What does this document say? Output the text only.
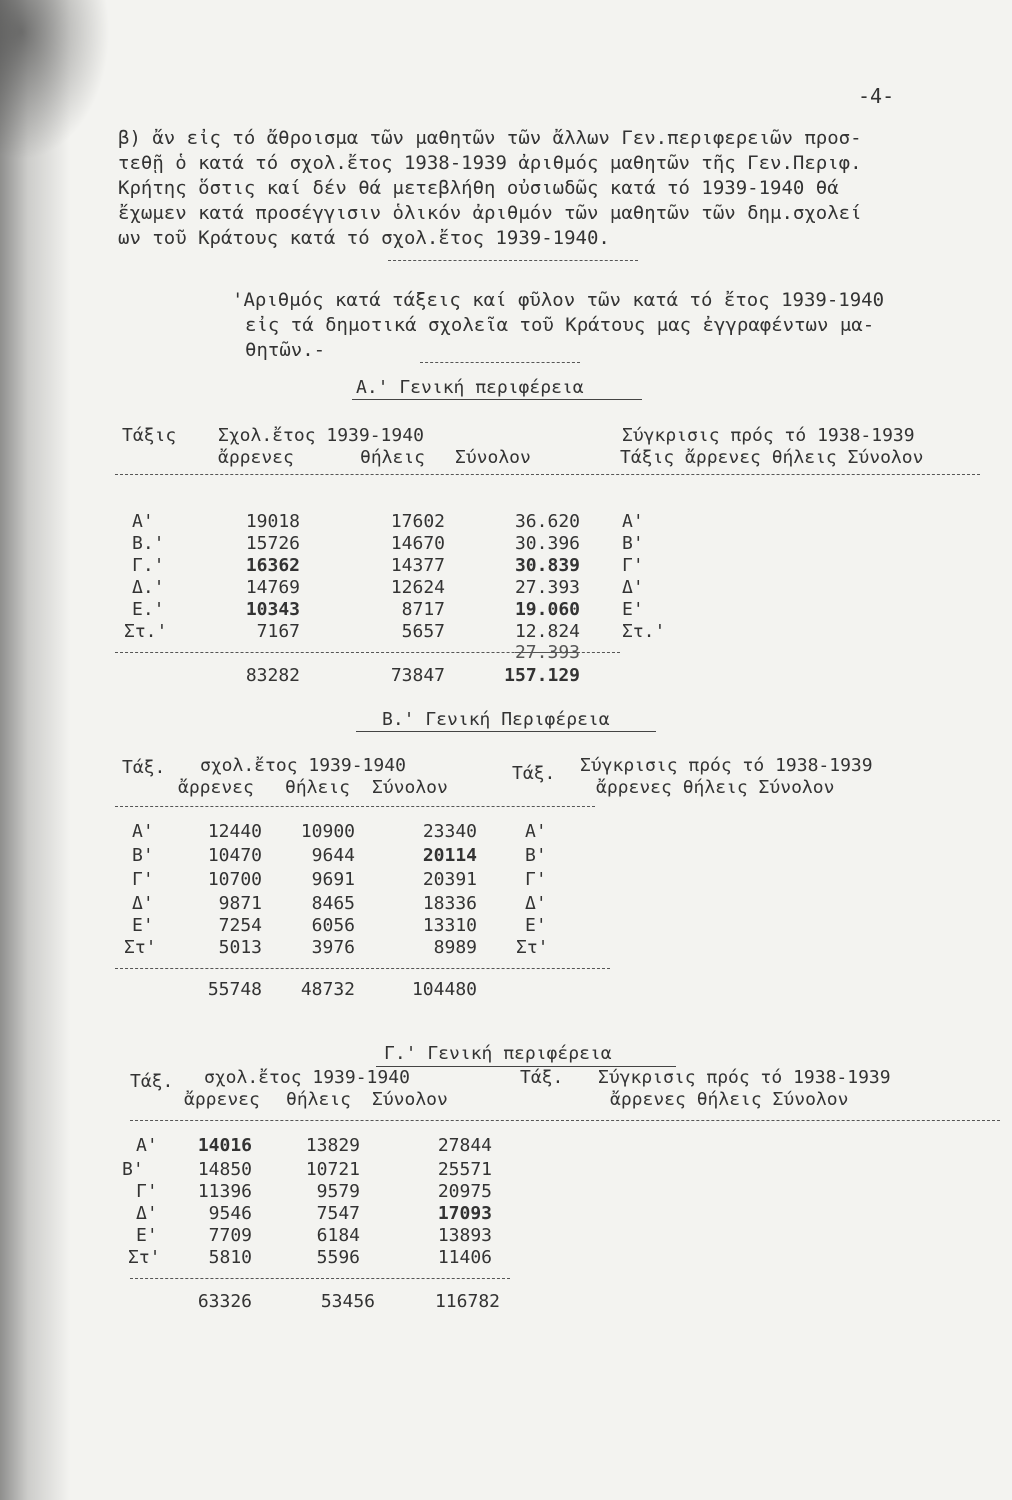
-4-
β) ἄν εἰς τό ἄθροισμα τῶν μαθητῶν τῶν ἄλλων Γεν.περιφερειῶν προσ-
τεθῇ ὁ κατά τό σχολ.ἔτος 1938-1939 ἀριθμός μαθητῶν τῆς Γεν.Περιφ.
Κρήτης ὅστις καί δέν θά μετεβλήθη οὐσιωδῶς κατά τό 1939-1940 θά
ἔχωμεν κατά προσέγγισιν ὁλικόν ἀριθμόν τῶν μαθητῶν τῶν δημ.σχολεί
ων τοῦ Κράτους κατά τό σχολ.ἔτος 1939-1940.
'Αριθμός κατά τάξεις καί φῦλον τῶν κατά τό ἔτος 1939-1940
εἰς τά δημοτικά σχολεῖα τοῦ Κράτους μας ἐγγραφέντων μα-
θητῶν.-
Α.' Γενική περιφέρεια
Τάξις Σχολ.ἔτος 1939-1940	Σύγκρισις πρός τό 1938-1939
ἄρρενες	θήλεις Σύνολον	Τάξις ἄρρενες θήλεις Σύνολον
Α'	19018	17602	36.620 Α'
Β.'	15726	14670	30.396 Β'
Γ.'	16362	14377	30.839 Γ'
Δ.'	14769	12624	27.393 Δ'
Ε.'	10343	8717	19.060 Ε'
Στ.'	7167	5657	12.824 Στ.'
27.393
83282	73847	157.129
Β.' Γενική Περιφέρεια
Τάξ. σχολ.ἔτος 1939-1940	Τάξ. Σύγκρισις πρός τό 1938-1939
ἄρρενες θήλεις Σύνολον	ἄρρενες θήλεις Σύνολον
Α'	12440	10900	23340	Α'
Β'	10470	9644	20114	Β'
Γ'	10700	9691	20391	Γ'
Δ'	9871	8465	18336	Δ'
Ε'	7254	6056	13310	Ε'
Στ'	5013	3976	8989 Στ'
55748	48732	104480
Γ.' Γενική περιφέρεια
Τάξ. σχολ.ἔτος 1939-1940	Τάξ. Σύγκρισις πρός τό 1938-1939
ἄρρενες θήλεις Σύνολον	ἄρρενες θήλεις Σύνολον
Α'	14016	13829	27844
Β'	14850	10721	25571
Γ'	11396	9579	20975
Δ'	9546	7547	17093
Ε'	7709	6184	13893
Στ'	5810	5596	11406
63326	53456	116782
